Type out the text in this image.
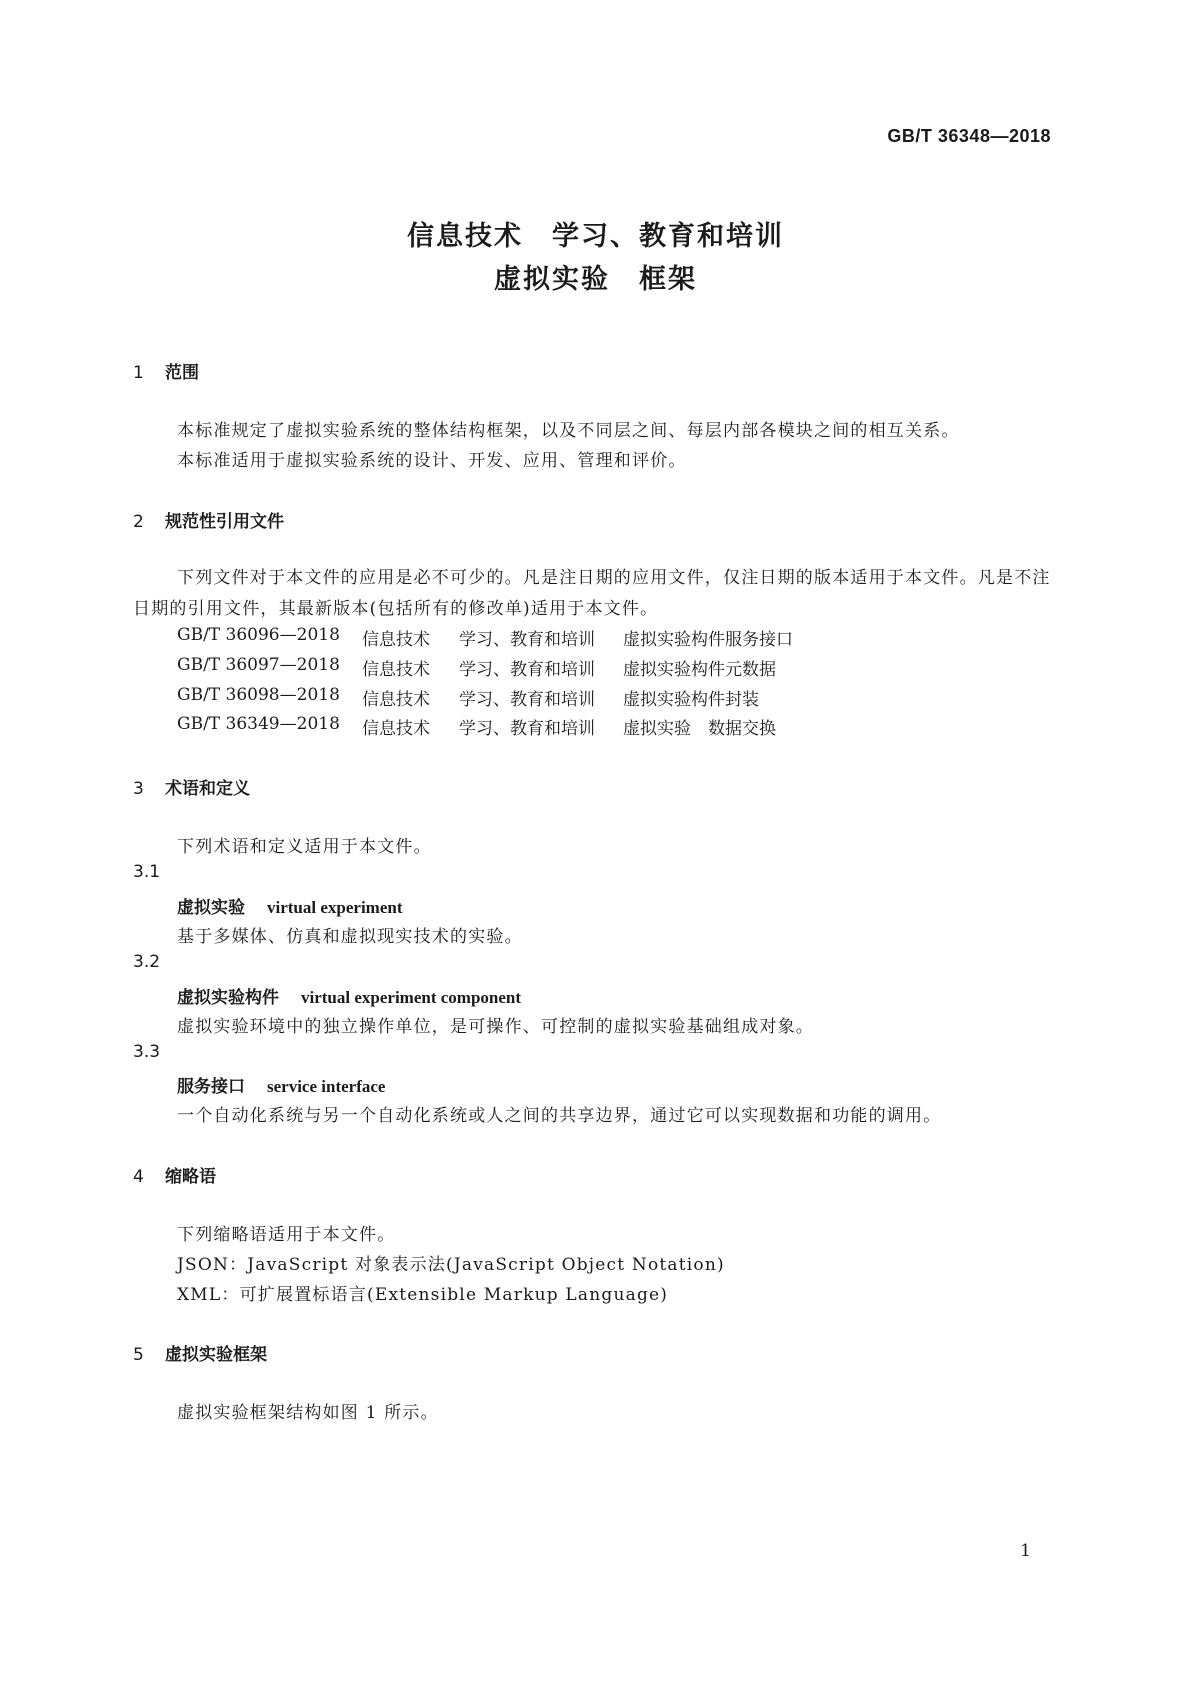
GB/T 36348—2018
信息技术　学习、教育和培训
虚拟实验　框架
1 范围
本标准规定了虚拟实验系统的整体结构框架，以及不同层之间、每层内部各模块之间的相互关系。
本标准适用于虚拟实验系统的设计、开发、应用、管理和评价。
2 规范性引用文件
下列文件对于本文件的应用是必不可少的。凡是注日期的应用文件，仅注日期的版本适用于本文件。凡是不注日期的引用文件，其最新版本(包括所有的修改单)适用于本文件。
GB/T 36096—2018 信息技术 学习、教育和培训 虚拟实验构件服务接口
GB/T 36097—2018 信息技术 学习、教育和培训 虚拟实验构件元数据
GB/T 36098—2018 信息技术 学习、教育和培训 虚拟实验构件封装
GB/T 36349—2018 信息技术 学习、教育和培训 虚拟实验　数据交换
3 术语和定义
下列术语和定义适用于本文件。
3.1
虚拟实验 virtual experiment
基于多媒体、仿真和虚拟现实技术的实验。
3.2
虚拟实验构件 virtual experiment component
虚拟实验环境中的独立操作单位，是可操作、可控制的虚拟实验基础组成对象。
3.3
服务接口 service interface
一个自动化系统与另一个自动化系统或人之间的共享边界，通过它可以实现数据和功能的调用。
4 缩略语
下列缩略语适用于本文件。
JSON：JavaScript 对象表示法(JavaScript Object Notation)
XML：可扩展置标语言(Extensible Markup Language)
5 虚拟实验框架
虚拟实验框架结构如图 1 所示。
1
